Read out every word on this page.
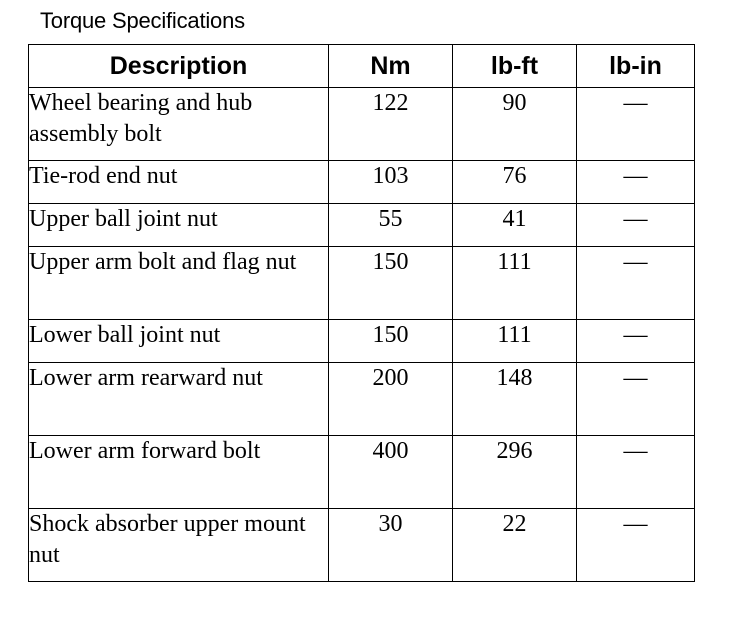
Torque Specifications
Description	Nm	lb-ft	lb-in
Wheel bearing and hub assembly bolt	122	90	—
Tie-rod end nut	103	76	—
Upper ball joint nut	55	41	—
Upper arm bolt and flag nut	150	111	—
Lower ball joint nut	150	111	—
Lower arm rearward nut	200	148	—
Lower arm forward bolt	400	296	—
Shock absorber upper mount nut	30	22	—
